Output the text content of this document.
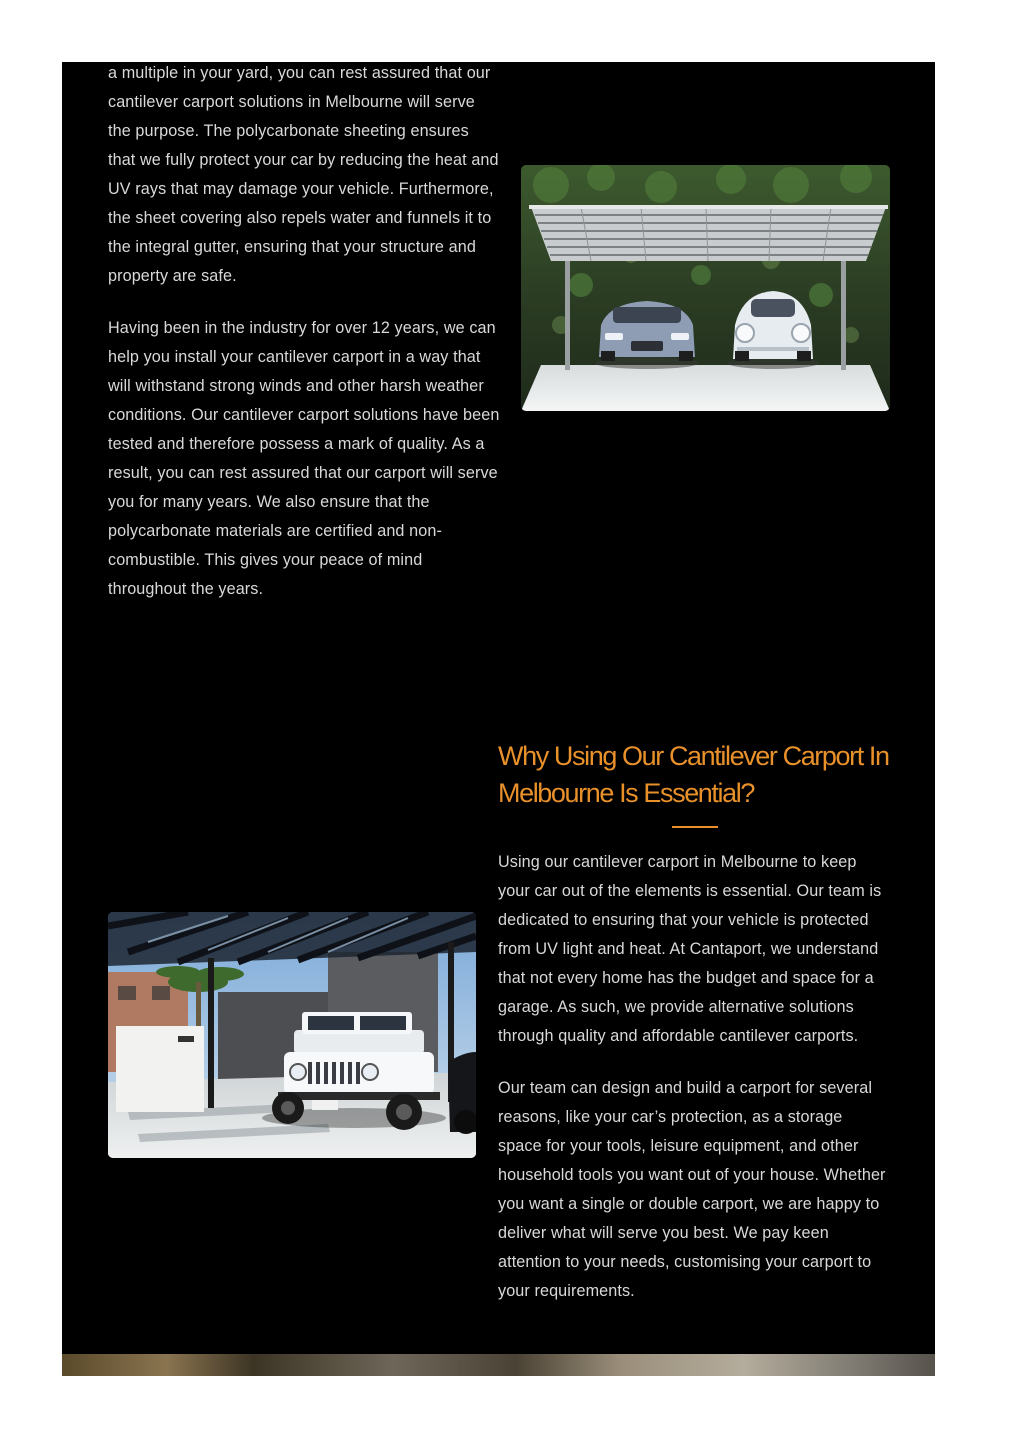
a multiple in your yard, you can rest assured that our cantilever carport solutions in Melbourne will serve the purpose. The polycarbonate sheeting ensures that we fully protect your car by reducing the heat and UV rays that may damage your vehicle. Furthermore, the sheet covering also repels water and funnels it to the integral gutter, ensuring that your structure and property are safe.

Having been in the industry for over 12 years, we can help you install your cantilever carport in a way that will withstand strong winds and other harsh weather conditions. Our cantilever carport solutions have been tested and therefore possess a mark of quality. As a result, you can rest assured that our carport will serve you for many years. We also ensure that the polycarbonate materials are certified and non-combustible. This gives your peace of mind throughout the years.

Why Using Our Cantilever Carport In Melbourne Is Essential?

Using our cantilever carport in Melbourne to keep your car out of the elements is essential. Our team is dedicated to ensuring that your vehicle is protected from UV light and heat. At Cantaport, we understand that not every home has the budget and space for a garage. As such, we provide alternative solutions through quality and affordable cantilever carports.

Our team can design and build a carport for several reasons, like your car’s protection, as a storage space for your tools, leisure equipment, and other household tools you want out of your house. Whether you want a single or double carport, we are happy to deliver what will serve you best. We pay keen attention to your needs, customising your carport to your requirements.
